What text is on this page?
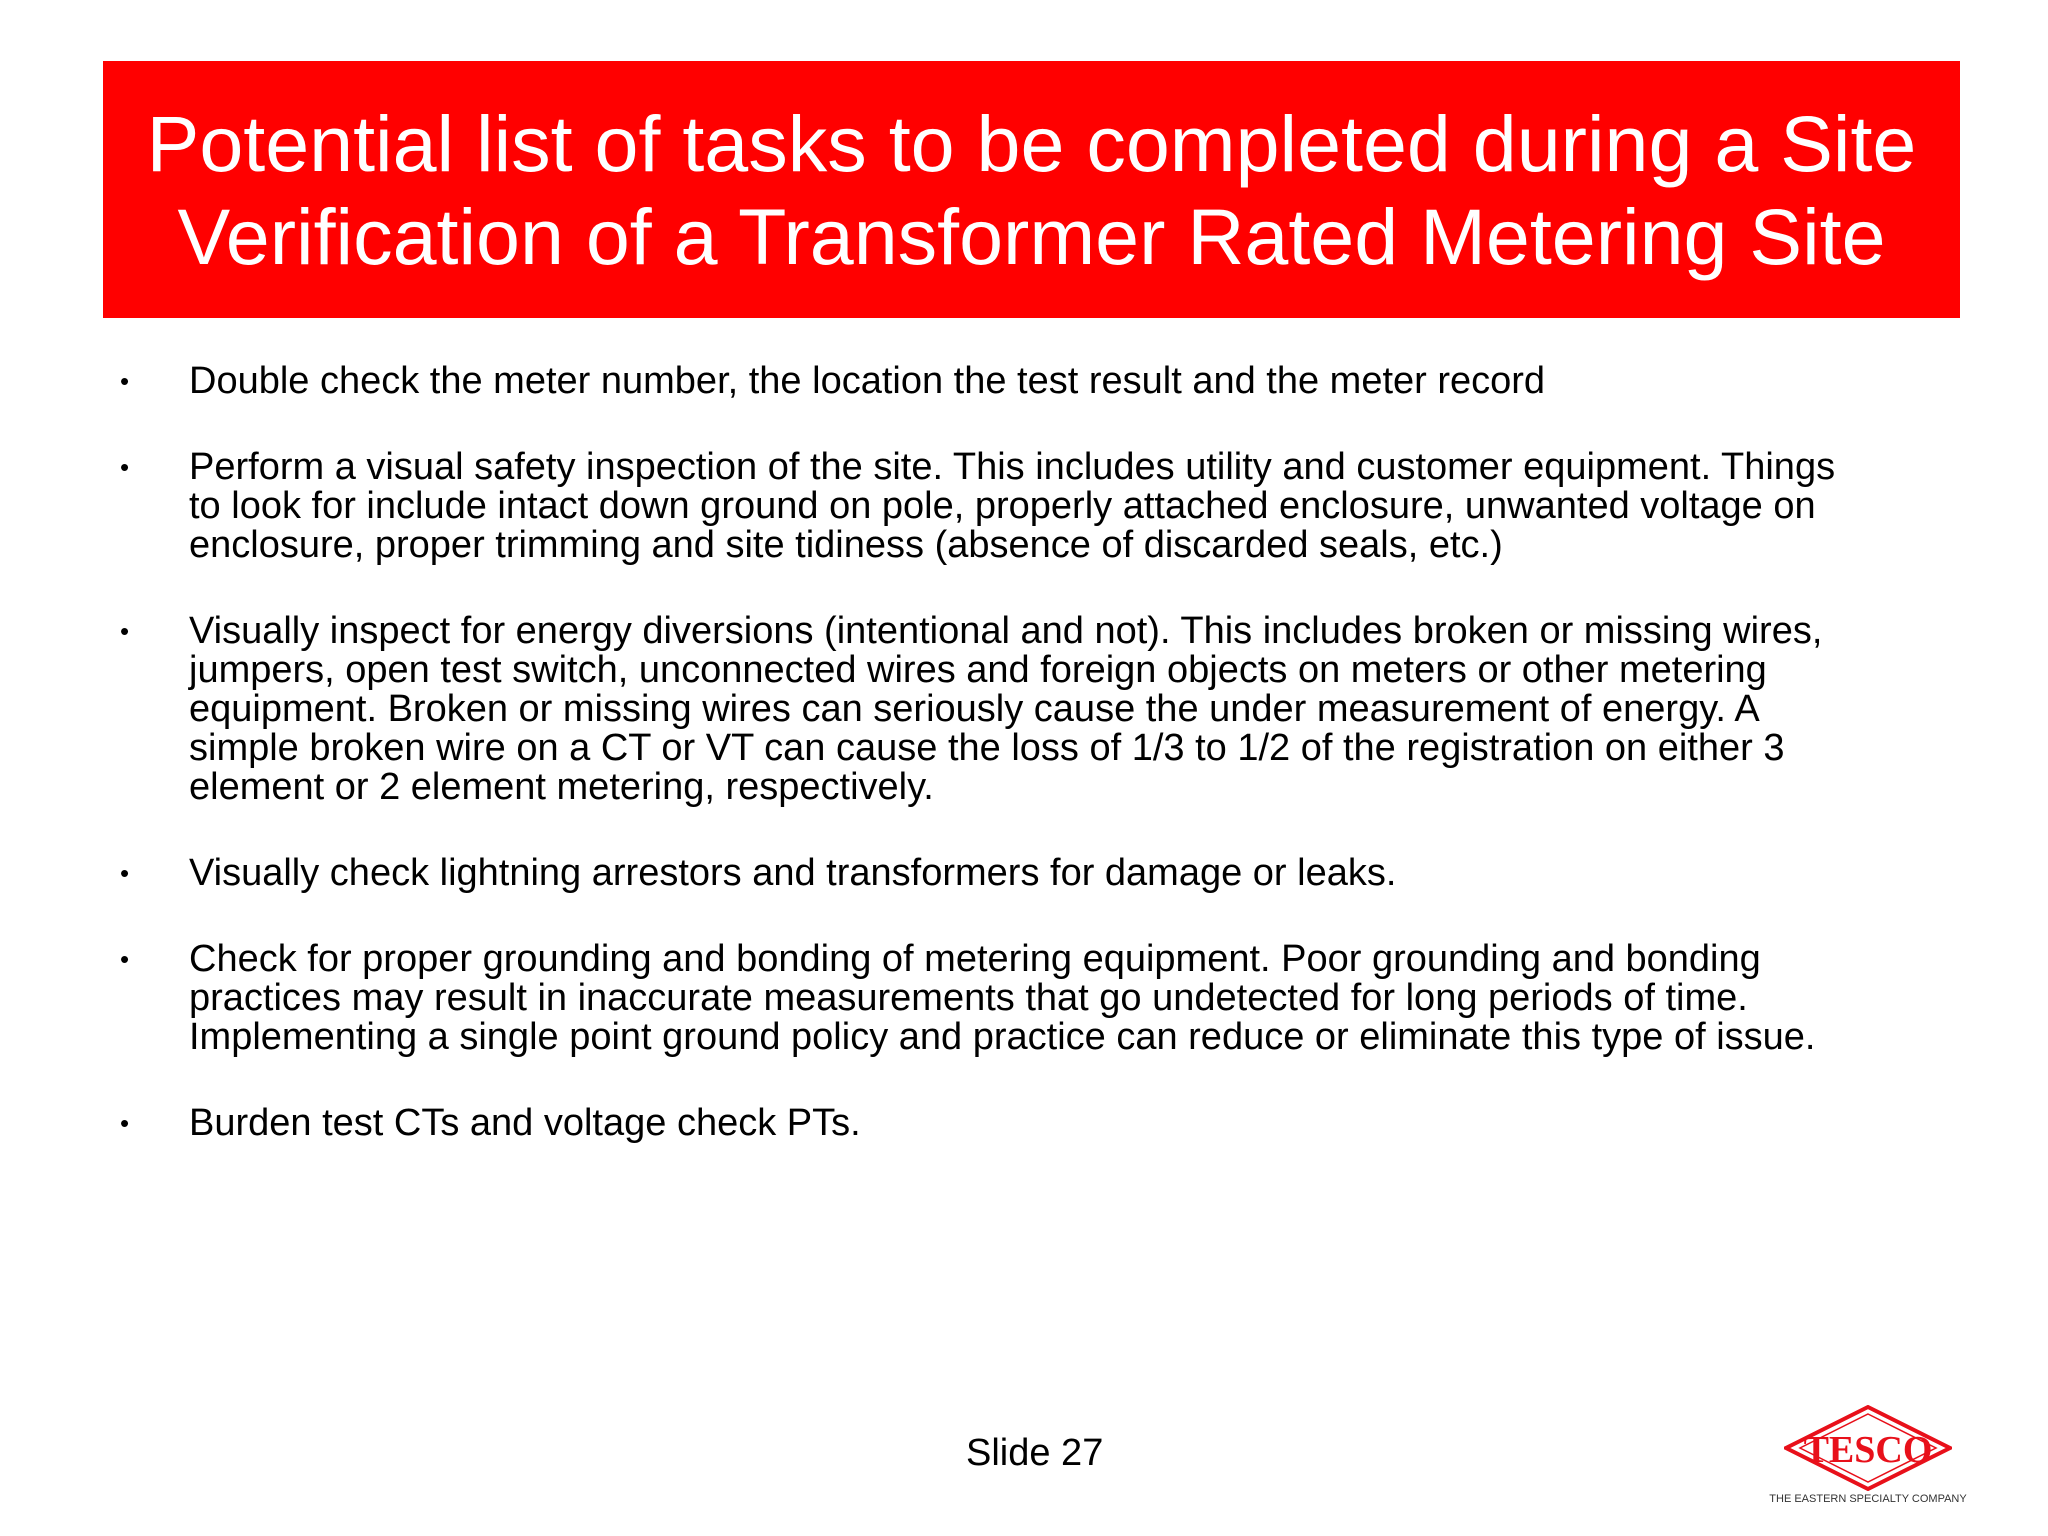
Potential list of tasks to be completed during a Site
Verification of a Transformer Rated Metering Site
• Double check the meter number, the location the test result and the meter record
• Perform a visual safety inspection of the site. This includes utility and customer equipment. Things
to look for include intact down ground on pole, properly attached enclosure, unwanted voltage on
enclosure, proper trimming and site tidiness (absence of discarded seals, etc.)
• Visually inspect for energy diversions (intentional and not). This includes broken or missing wires,
jumpers, open test switch, unconnected wires and foreign objects on meters or other metering
equipment. Broken or missing wires can seriously cause the under measurement of energy. A
simple broken wire on a CT or VT can cause the loss of 1/3 to 1/2 of the registration on either 3
element or 2 element metering, respectively.
• Visually check lightning arrestors and transformers for damage or leaks.
• Check for proper grounding and bonding of metering equipment. Poor grounding and bonding
practices may result in inaccurate measurements that go undetected for long periods of time.
Implementing a single point ground policy and practice can reduce or eliminate this type of issue.
• Burden test CTs and voltage check PTs.
Slide 27	TESCO
THE EASTERN SPECIALTY COMPANY
